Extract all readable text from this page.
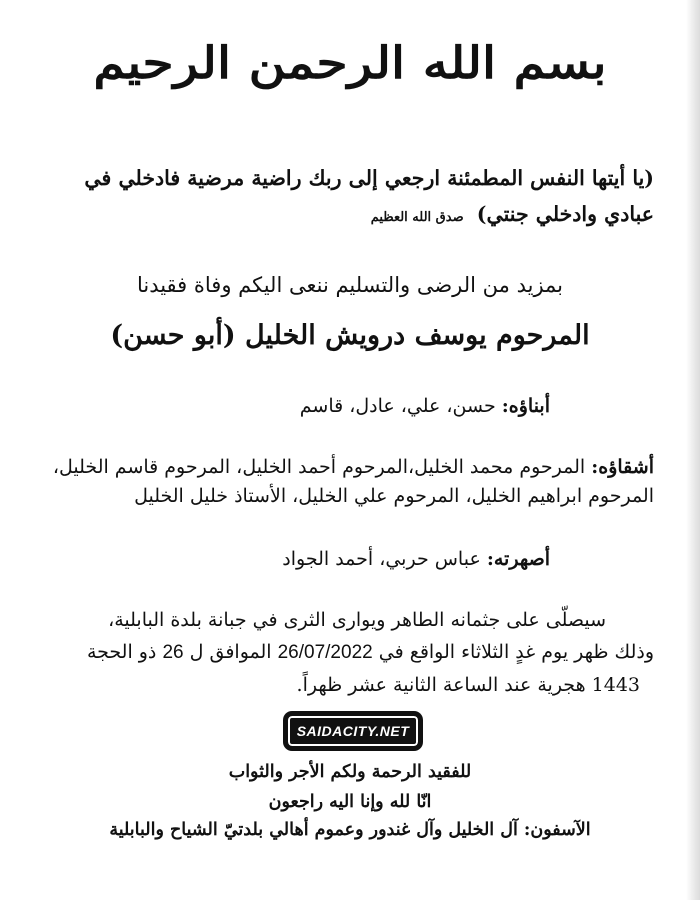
بسم الله الرحمن الرحيم
(يا أيتها النفس المطمئنة ارجعي إلى ربك راضية مرضية فادخلي في عبادي وادخلي جنتي) صدق الله العظيم
بمزيد من الرضى والتسليم ننعى اليكم وفاة فقيدنا
المرحوم يوسف درويش الخليل (أبو حسن)
أبناؤه: حسن، علي، عادل، قاسم
أشقاؤه: المرحوم محمد الخليل،المرحوم أحمد الخليل، المرحوم قاسم الخليل، المرحوم ابراهيم الخليل، المرحوم علي الخليل، الأستاذ خليل الخليل
أصهرته: عباس حربي، أحمد الجواد
سيصلّى على جثمانه الطاهر ويوارى الثرى في جبانة بلدة البابلية،
وذلك ظهر يوم غدٍ الثلاثاء الواقع في 26/07/2022 الموافق ل 26 ذو الحجة
1443 هجرية عند الساعة الثانية عشر ظهراً.
SAIDACITY.NET
للفقيد الرحمة ولكم الأجر والثواب
انّا لله وإنا اليه راجعون
الآسفون: آل الخليل وآل غندور وعموم أهالي بلدتيّ الشياح والبابلية
